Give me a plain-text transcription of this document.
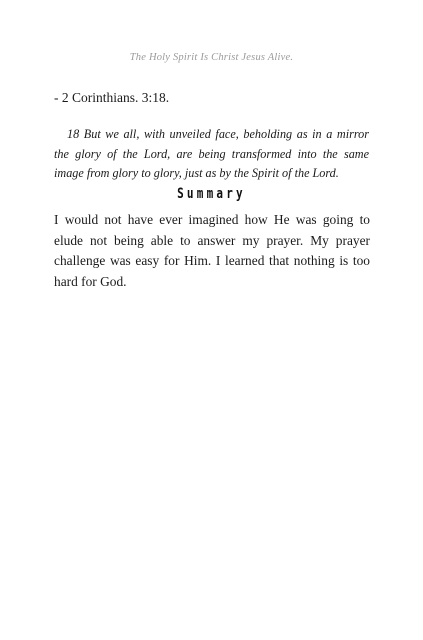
The Holy Spirit Is Christ Jesus Alive.
- 2 Corinthians. 3:18.
18 But we all, with unveiled face, beholding as in a mirror the glory of the Lord, are being transformed into the same image from glory to glory, just as by the Spirit of the Lord.
Summary
I would not have ever imagined how He was going to elude not being able to answer my prayer. My prayer challenge was easy for Him. I learned that nothing is too hard for God.
